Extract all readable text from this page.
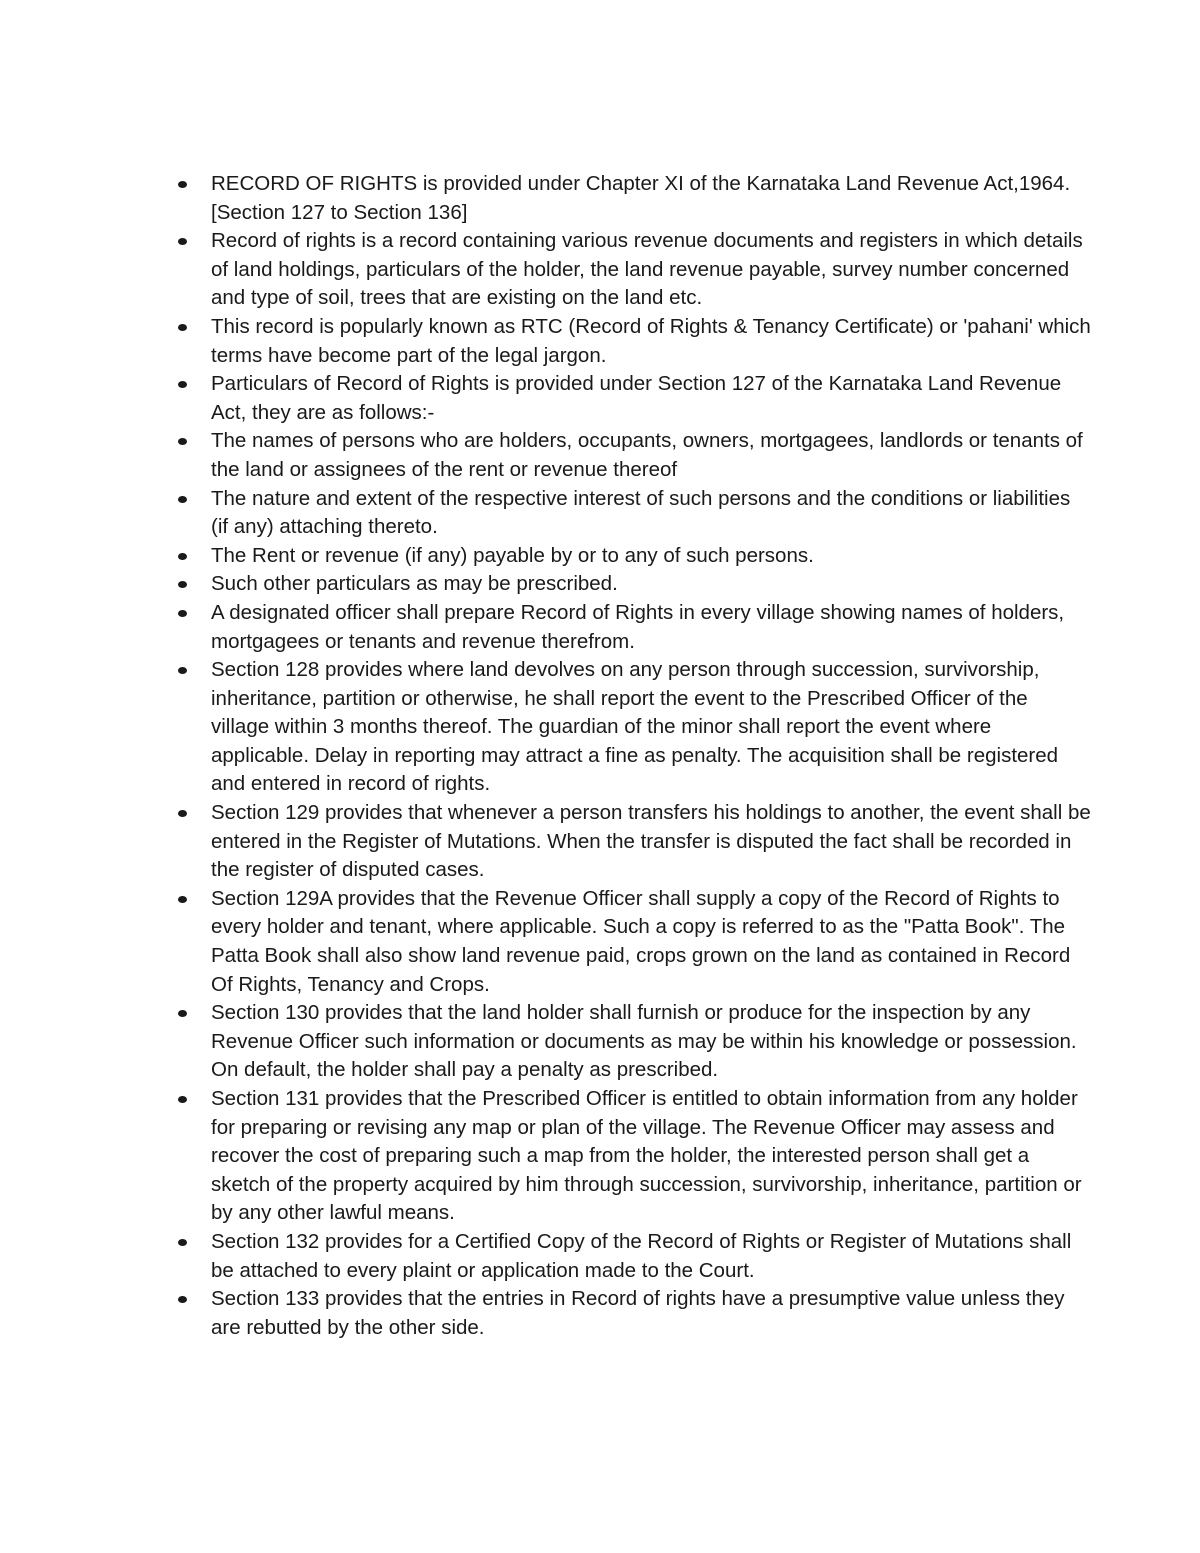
RECORD OF RIGHTS is provided under Chapter XI of the Karnataka Land Revenue Act,1964. [Section 127 to Section 136]
Record of rights is a record containing various revenue documents and registers in which details of land holdings, particulars of the holder, the land revenue payable, survey number concerned and type of soil, trees that are existing on the land etc.
This record is popularly known as RTC (Record of Rights & Tenancy Certificate) or 'pahani' which terms have become part of the legal jargon.
Particulars of Record of Rights is provided under Section 127 of the Karnataka Land Revenue Act, they are as follows:-
The names of persons who are holders, occupants, owners, mortgagees, landlords or tenants of the land or assignees of the rent or revenue thereof
The nature and extent of the respective interest of such persons and the conditions or liabilities (if any) attaching thereto.
The Rent or revenue (if any) payable by or to any of such persons.
Such other particulars as may be prescribed.
A designated officer shall prepare Record of Rights in every village showing names of holders, mortgagees or tenants and revenue therefrom.
Section 128 provides where land devolves on any person through succession, survivorship, inheritance, partition or otherwise, he shall report the event to the Prescribed Officer of the village within 3 months thereof. The guardian of the minor shall report the event where applicable. Delay in reporting may attract a fine as penalty. The acquisition shall be registered and entered in record of rights.
Section 129 provides that whenever a person transfers his holdings to another, the event shall be entered in the Register of Mutations. When the transfer is disputed the fact shall be recorded in the register of disputed cases.
Section 129A provides that the Revenue Officer shall supply a copy of the Record of Rights to every holder and tenant, where applicable. Such a copy is referred to as the "Patta Book". The Patta Book shall also show land revenue paid, crops grown on the land as contained in Record Of Rights, Tenancy and Crops.
Section 130 provides that the land holder shall furnish or produce for the inspection by any Revenue Officer such information or documents as may be within his knowledge or possession. On default, the holder shall pay a penalty as prescribed.
Section 131 provides that the Prescribed Officer is entitled to obtain information from any holder for preparing or revising any map or plan of the village. The Revenue Officer may assess and recover the cost of preparing such a map from the holder, the interested person shall get a sketch of the property acquired by him through succession, survivorship, inheritance, partition or by any other lawful means.
Section 132 provides for a Certified Copy of the Record of Rights or Register of Mutations shall be attached to every plaint or application made to the Court.
Section 133 provides that the entries in Record of rights have a presumptive value unless they are rebutted by the other side.
